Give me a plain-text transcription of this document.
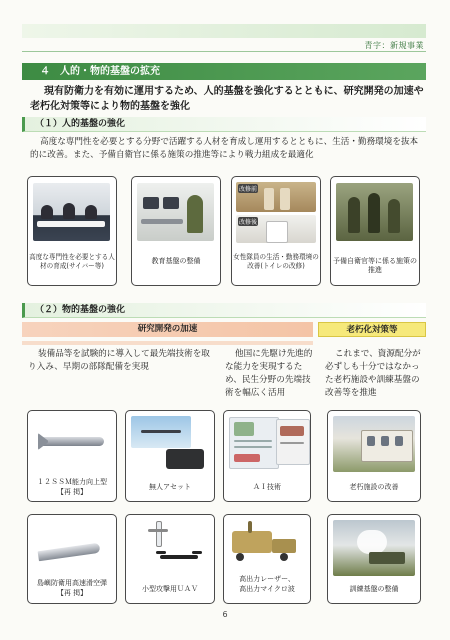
青字：新規事業
４　人的・物的基盤の拡充
現有防衛力を有効に運用するため、人的基盤を強化するとともに、研究開発の加速や老朽化対策等により物的基盤を強化
（１）人的基盤の強化
高度な専門性を必要とする分野で活躍する人材を育成し運用するとともに、生活・勤務環境を抜本的に改善。また、予備自衛官に係る施策の推進等により戦力組成を最適化
高度な専門性を必要とする人材の育成(サイバー等)
教育基盤の整備
改修前
改修後
女性隊員の生活・勤務環境の改善(トイレの改修)
予備自衛官等に係る施策の推進
（２）物的基盤の強化
研究開発の加速	老朽化対策等
装備品等を試験的に導入して最先端技術を取り入み、早期の部隊配備を実現
他国に先駆け先進的な能力を実現するため、民生分野の先端技術を幅広く活用
これまで、資源配分が必ずしも十分ではなかった老朽施設や訓練基盤の改善等を推進
１２ＳＳＭ能力向上型
【再 掲】
無人アセット	ＡＩ技術	老朽施設の改善
島嶼防衛用高速滑空弾
【再 掲】	小型攻撃用ＵＡＶ
高出力レーザー、
高出力マイクロ波	訓練基盤の整備
6
